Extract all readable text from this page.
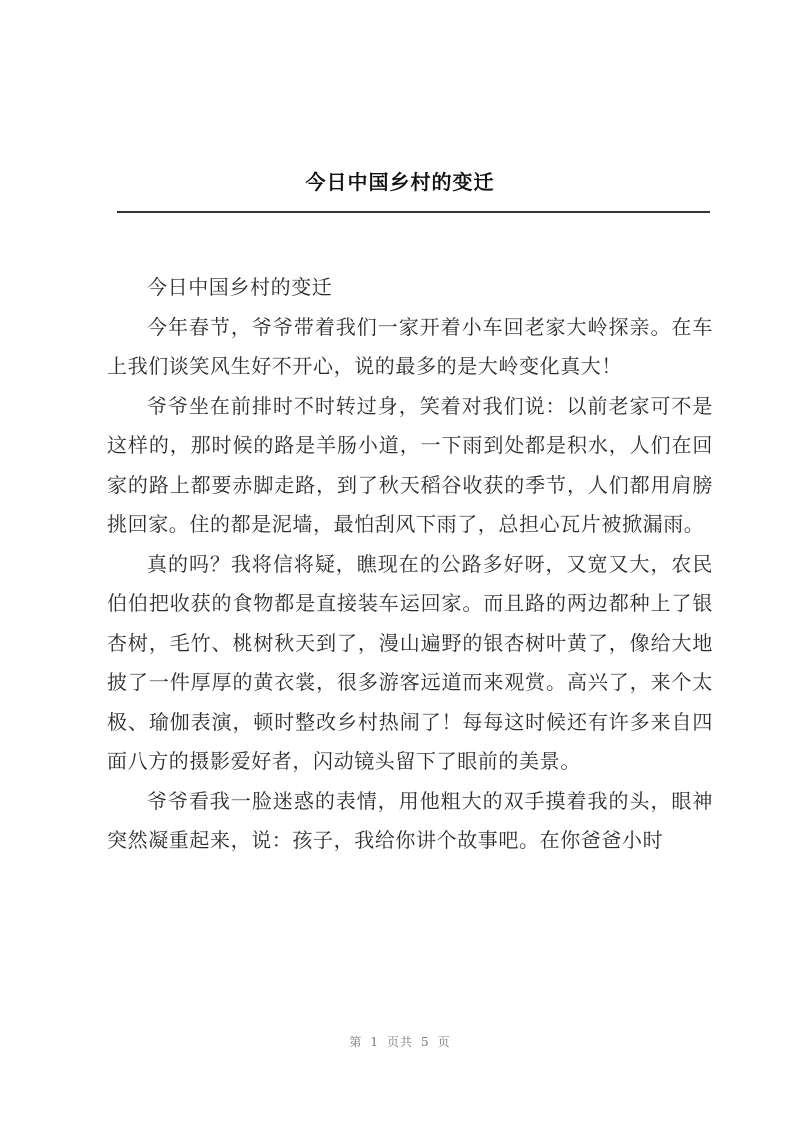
今日中国乡村的变迁

今日中国乡村的变迁

今年春节，爷爷带着我们一家开着小车回老家大岭探亲。在车上我们谈笑风生好不开心，说的最多的是大岭变化真大！

爷爷坐在前排时不时转过身，笑着对我们说：以前老家可不是这样的，那时候的路是羊肠小道，一下雨到处都是积水，人们在回家的路上都要赤脚走路，到了秋天稻谷收获的季节，人们都用肩膀挑回家。住的都是泥墙，最怕刮风下雨了，总担心瓦片被掀漏雨。

真的吗？我将信将疑，瞧现在的公路多好呀，又宽又大，农民伯伯把收获的食物都是直接装车运回家。而且路的两边都种上了银杏树，毛竹、桃树秋天到了，漫山遍野的银杏树叶黄了，像给大地披了一件厚厚的黄衣裳，很多游客远道而来观赏。高兴了，来个太极、瑜伽表演，顿时整改乡村热闹了！每每这时候还有许多来自四面八方的摄影爱好者，闪动镜头留下了眼前的美景。

爷爷看我一脸迷惑的表情，用他粗大的双手摸着我的头，眼神突然凝重起来，说：孩子，我给你讲个故事吧。在你爸爸小时

第 1 页共 5 页
